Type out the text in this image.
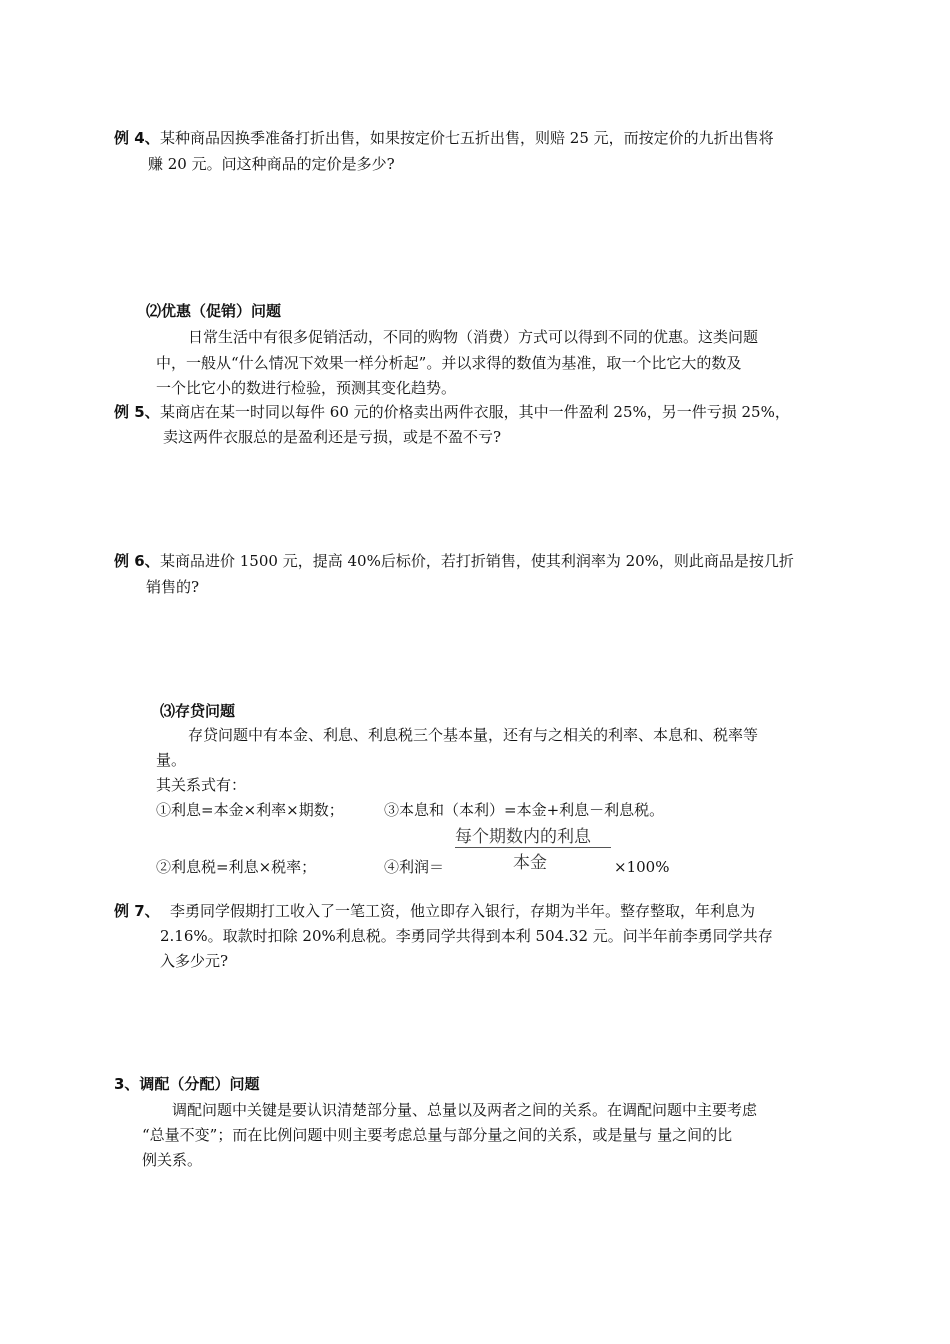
例 4、 某种商品因换季准备打折出售，如果按定价七五折出售，则赔 25 元，而按定价的九折出售将
赚 20 元。问这种商品的定价是多少?
⑵优惠（促销）问题
日常生活中有很多促销活动，不同的购物（消费）方式可以得到不同的优惠。这类问题
中，一般从“什么情况下效果一样分析起”。并以求得的数值为基准，取一个比它大的数及
一个比它小的数进行检验，预测其变化趋势。
例 5、 某商店在某一时同以每件 60 元的价格卖出两件衣服，其中一件盈利 25%，另一件亏损 25%，
卖这两件衣服总的是盈利还是亏损，或是不盈不亏?
例 6、 某商品进价 1500 元，提高 40%后标价，若打折销售，使其利润率为 20%，则此商品是按几折
销售的?
⑶存贷问题
存贷问题中有本金、利息、利息税三个基本量，还有与之相关的利率、本息和、税率等
量。
其关系式有：
①利息=本金×利率×期数；	③本息和（本利）=本金+利息－利息税。
每个期数内的利息
本金
②利息税=利息×税率；	④利润＝	×100%
例 7、 李勇同学假期打工收入了一笔工资，他立即存入银行，存期为半年。整存整取，年利息为
2.16%。取款时扣除 20%利息税。李勇同学共得到本利 504.32 元。问半年前李勇同学共存
入多少元?
3、调配（分配）问题
调配问题中关键是要认识清楚部分量、总量以及两者之间的关系。在调配问题中主要考虑
“总量不变”；而在比例问题中则主要考虑总量与部分量之间的关系，或是量与 量之间的比
例关系。
